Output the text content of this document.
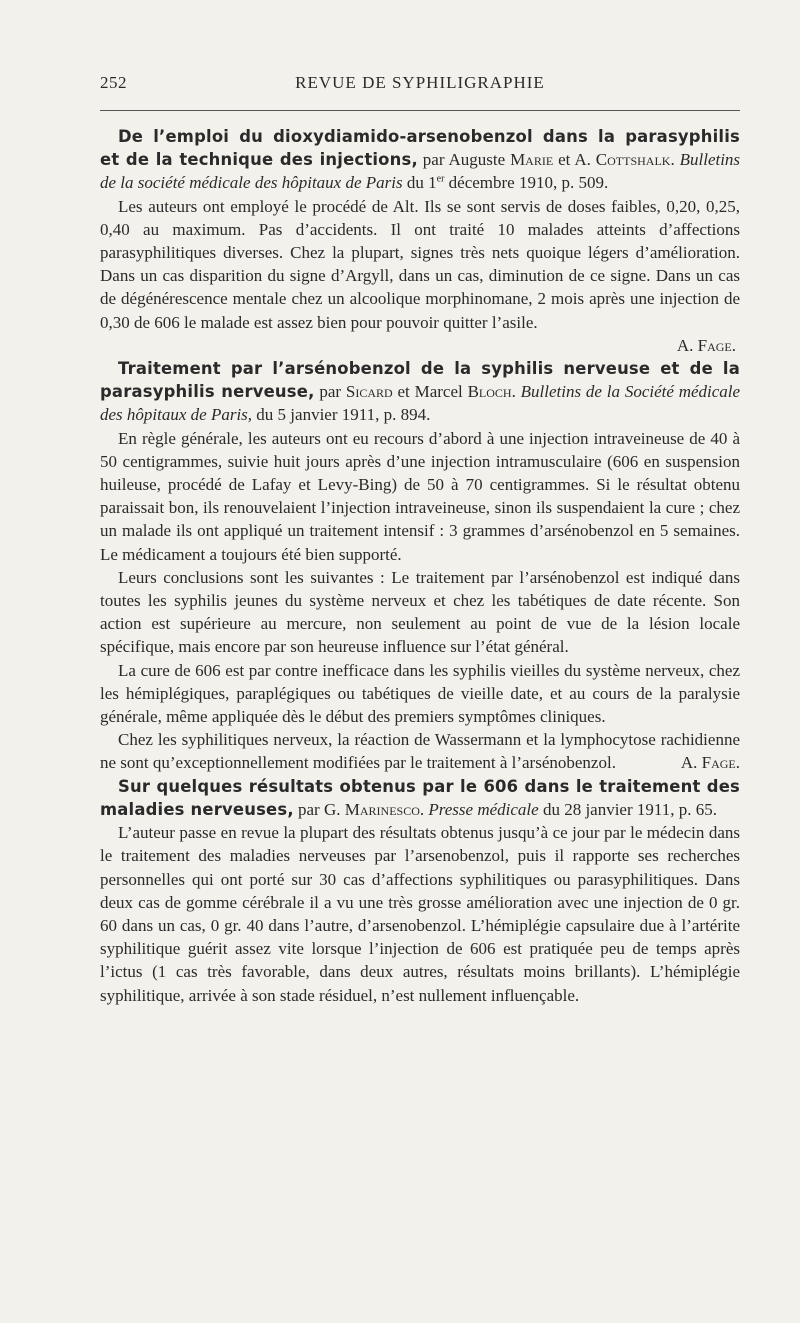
252	REVUE DE SYPHILIGRAPHIE

De l’emploi du dioxydiamido-arsenobenzol dans la parasyphilis et de la technique des injections, par Auguste Marie et A. Cottshalk. Bulletins de la société médicale des hôpitaux de Paris du 1er décembre 1910, p. 509.

Les auteurs ont employé le procédé de Alt. Ils se sont servis de doses faibles, 0,20, 0,25, 0,40 au maximum. Pas d’accidents. Il ont traité 10 malades atteints d’affections parasyphilitiques diverses. Chez la plupart, signes très nets quoique légers d’amélioration. Dans un cas disparition du signe d’Argyll, dans un cas, diminution de ce signe. Dans un cas de dégénérescence mentale chez un alcoolique morphinomane, 2 mois après une injection de 0,30 de 606 le malade est assez bien pour pouvoir quitter l’asile.

A. Fage.

Traitement par l’arsénobenzol de la syphilis nerveuse et de la parasyphilis nerveuse, par Sicard et Marcel Bloch. Bulletins de la Société médicale des hôpitaux de Paris, du 5 janvier 1911, p. 894.

En règle générale, les auteurs ont eu recours d’abord à une injection intraveineuse de 40 à 50 centigrammes, suivie huit jours après d’une injection intramusculaire (606 en suspension huileuse, procédé de Lafay et Levy-Bing) de 50 à 70 centigrammes. Si le résultat obtenu paraissait bon, ils renouvelaient l’injection intraveineuse, sinon ils suspendaient la cure ; chez un malade ils ont appliqué un traitement intensif : 3 grammes d’arsénobenzol en 5 semaines. Le médicament a toujours été bien supporté.

Leurs conclusions sont les suivantes : Le traitement par l’arsénobenzol est indiqué dans toutes les syphilis jeunes du système nerveux et chez les tabétiques de date récente. Son action est supérieure au mercure, non seulement au point de vue de la lésion locale spécifique, mais encore par son heureuse influence sur l’état général.

La cure de 606 est par contre inefficace dans les syphilis vieilles du système nerveux, chez les hémiplégiques, paraplégiques ou tabétiques de vieille date, et au cours de la paralysie générale, même appliquée dès le début des premiers symptômes cliniques.

Chez les syphilitiques nerveux, la réaction de Wassermann et la lymphocytose rachidienne ne sont qu’exceptionnellement modifiées par le traitement à l’arsénobenzol.	A. Fage.

Sur quelques résultats obtenus par le 606 dans le traitement des maladies nerveuses, par G. Marinesco. Presse médicale du 28 janvier 1911, p. 65.

L’auteur passe en revue la plupart des résultats obtenus jusqu’à ce jour par le médecin dans le traitement des maladies nerveuses par l’arsenobenzol, puis il rapporte ses recherches personnelles qui ont porté sur 30 cas d’affections syphilitiques ou parasyphilitiques. Dans deux cas de gomme cérébrale il a vu une très grosse amélioration avec une injection de 0 gr. 60 dans un cas, 0 gr. 40 dans l’autre, d’arsenobenzol. L’hémiplégie capsulaire due à l’artérite syphilitique guérit assez vite lorsque l’injection de 606 est pratiquée peu de temps après l’ictus (1 cas très favorable, dans deux autres, résultats moins brillants). L’hémiplégie syphilitique, arrivée à son stade résiduel, n’est nullement influençable.
